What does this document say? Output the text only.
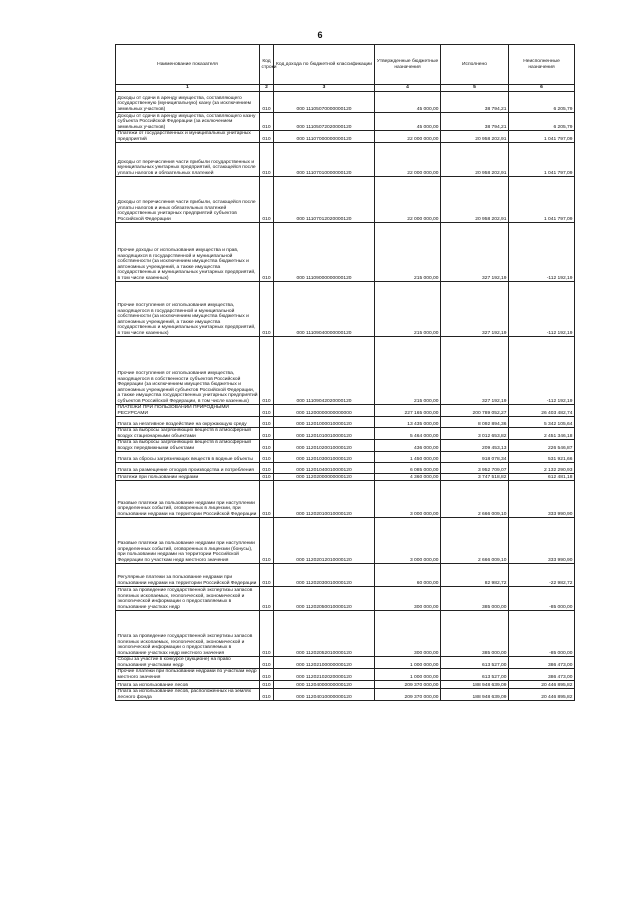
6
Наименование показателя	Код строки	Код дохода по бюджетной классификации	Утвержденные бюджетные назначения	Исполнено	Неисполненные назначения
1	2	3	4	5	6
Доходы от сдачи в аренду имущества, составляющего государственную (муниципальную) казну (за исключением земельных участков)	010	000 11105070000000120	45 000,00	38 794,21	6 205,79
Доходы от сдачи в аренду имущества, составляющего казну субъекта Российской Федерации (за исключением земельных участков)	010	000 11105072020000120	45 000,00	38 794,21	6 205,79
Платежи от государственных и муниципальных унитарных предприятий	010	000 11107000000000120	22 000 000,00	20 958 202,91	1 041 797,09
Доходы от перечисления части прибыли государственных и муниципальных унитарных предприятий, остающейся после уплаты налогов и обязательных платежей	010	000 11107010000000120	22 000 000,00	20 958 202,91	1 041 797,09
Доходы от перечисления части прибыли, остающейся после уплаты налогов и иных обязательных платежей государственных унитарных предприятий субъектов Российской Федерации	010	000 11107012020000120	22 000 000,00	20 958 202,91	1 041 797,09
Прочие доходы от использования имущества и прав, находящихся в государственной и муниципальной собственности (за исключением имущества бюджетных и автономных учреждений, а также имущества государственных и муниципальных унитарных предприятий, в том числе казенных)	010	000 11109000000000120	215 000,00	327 192,19	-112 192,19
Прочие поступления от использования имущества, находящегося в государственной и муниципальной собственности (за исключением имущества бюджетных и автономных учреждений, а также имущества государственных и муниципальных унитарных предприятий, в том числе казенных)	010	000 11109040000000120	215 000,00	327 192,19	-112 192,19
Прочие поступления от использования имущества, находящегося в собственности субъектов Российской Федерации (за исключением имущества бюджетных и автономных учреждений субъектов Российской Федерации, а также имущества государственных унитарных предприятий субъектов Российской Федерации, в том числе казенных)	010	000 11109042020000120	215 000,00	327 192,19	-112 192,19
ПЛАТЕЖИ ПРИ ПОЛЬЗОВАНИИ ПРИРОДНЫМИ РЕСУРСАМИ	010	000 11200000000000000	227 165 000,00	200 789 052,27	26 403 482,74
Плата за негативное воздействие на окружающую среду	010	000 11201000010000120	13 435 000,00	8 092 894,36	5 342 105,64
Плата за выбросы загрязняющих веществ в атмосферный воздух стационарными объектами	010	000 11201010010000120	5 464 000,00	3 012 653,82	2 451 346,18
Плата за выбросы загрязняющих веществ в атмосферный воздух передвижными объектами	010	000 11201020010000120	436 000,00	209 453,13	226 546,87
Плата за сбросы загрязняющих веществ в водные объекты	010	000 11201030010000120	1 450 000,00	918 078,34	531 921,66
Плата за размещение отходов производства и потребления	010	000 11201040010000120	6 085 000,00	3 952 709,07	2 132 290,93
Платежи при пользовании недрами	010	000 11202000000000120	4 360 000,00	3 747 518,82	612 481,18
Разовые платежи за пользование недрами при наступлении определенных событий, оговоренных в лицензии, при пользовании недрами на территории Российской Федерации	010	000 11202010010000120	3 000 000,00	2 666 009,10	333 990,90
Разовые платежи за пользование недрами при наступлении определенных событий, оговоренных в лицензии (бонусы), при пользовании недрами на территории Российской Федерации по участкам недр местного значения	010	000 11202012010000120	3 000 000,00	2 666 009,10	333 990,90
Регулярные платежи за пользование недрами при пользовании недрами на территории Российской Федерации	010	000 11202030010000120	60 000,00	82 982,72	-22 982,72
Плата за проведение государственной экспертизы запасов полезных ископаемых, геологической, экономической и экологической информации о предоставляемых в пользование участках недр	010	000 11202050010000120	300 000,00	385 000,00	-85 000,00
Плата за проведение государственной экспертизы запасов полезных ископаемых, геологической, экономической и экологической информации о предоставляемых в пользование участках недр местного значения	010	000 11202052010000120	300 000,00	385 000,00	-85 000,00
Сборы за участие в конкурсе (аукционе) на право пользования участками недр	010	000 11202100000000120	1 000 000,00	613 527,00	386 473,00
Прочие платежи при пользовании недрами по участкам недр местного значения	010	000 11202102020000120	1 000 000,00	613 527,00	386 473,00
Плата за использование лесов	010	000 11204000000000120	209 370 000,00	188 948 639,09	20 446 895,82
Плата за использование лесов, расположенных на землях лесного фонда	010	000 11204010000000120	209 370 000,00	188 948 639,09	20 446 895,82
